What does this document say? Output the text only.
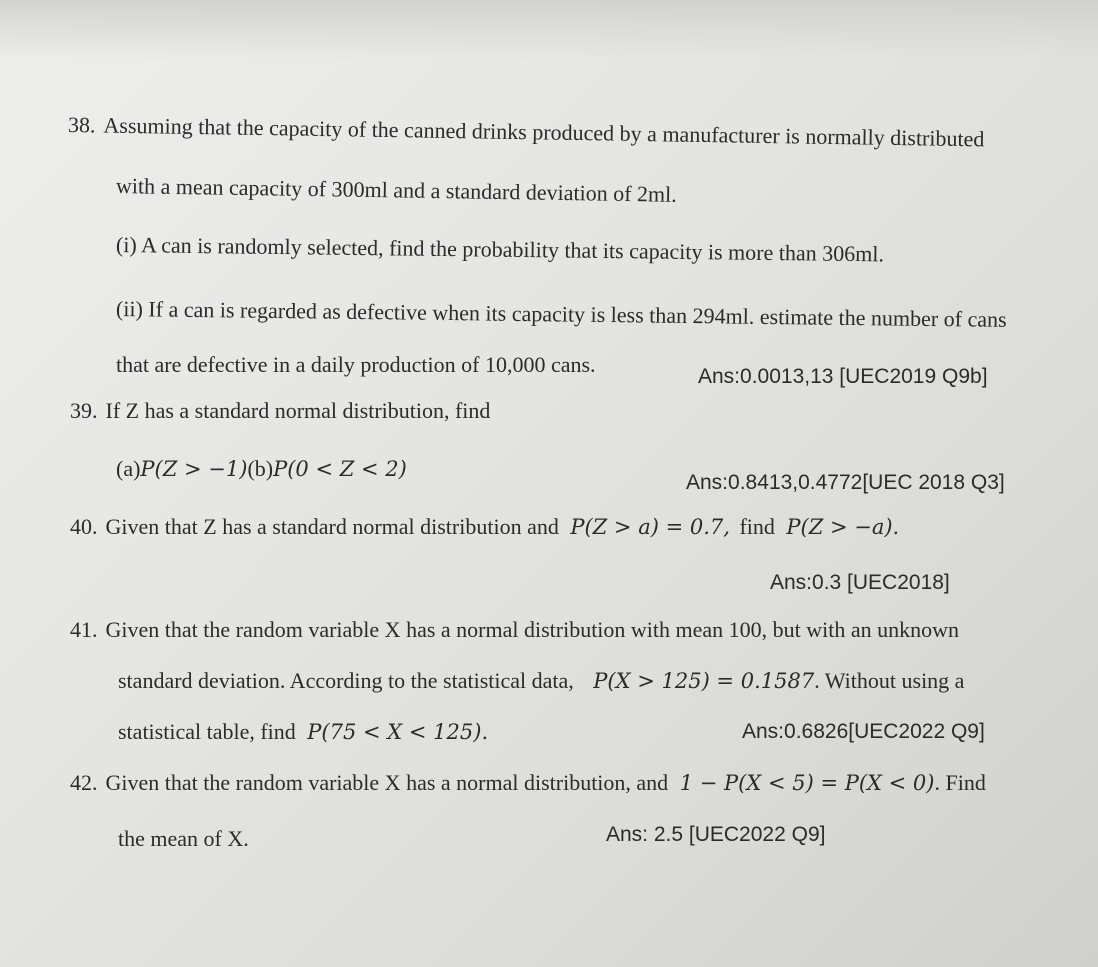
38. Assuming that the capacity of the canned drinks produced by a manufacturer is normally distributed
with a mean capacity of 300ml and a standard deviation of 2ml.
(i) A can is randomly selected, find the probability that its capacity is more than 306ml.
(ii) If a can is regarded as defective when its capacity is less than 294ml. estimate the number of cans
that are defective in a daily production of 10,000 cans.	Ans:0.0013,13 [UEC2019 Q9b]
39. If Z has a standard normal distribution, find
(a)P(Z > −1)(b)P(0 < Z < 2)
Ans:0.8413,0.4772[UEC 2018 Q3]
40. Given that Z has a standard normal distribution and P(Z > a) = 0.7, find P(Z > −a).
Ans:0.3 [UEC2018]
41. Given that the random variable X has a normal distribution with mean 100, but with an unknown
standard deviation. According to the statistical data, P(X > 125) = 0.1587. Without using a
statistical table, find P(75 < X < 125).	Ans:0.6826[UEC2022 Q9]
42. Given that the random variable X has a normal distribution, and 1 − P(X < 5) = P(X < 0). Find
the mean of X.	Ans: 2.5 [UEC2022 Q9]
